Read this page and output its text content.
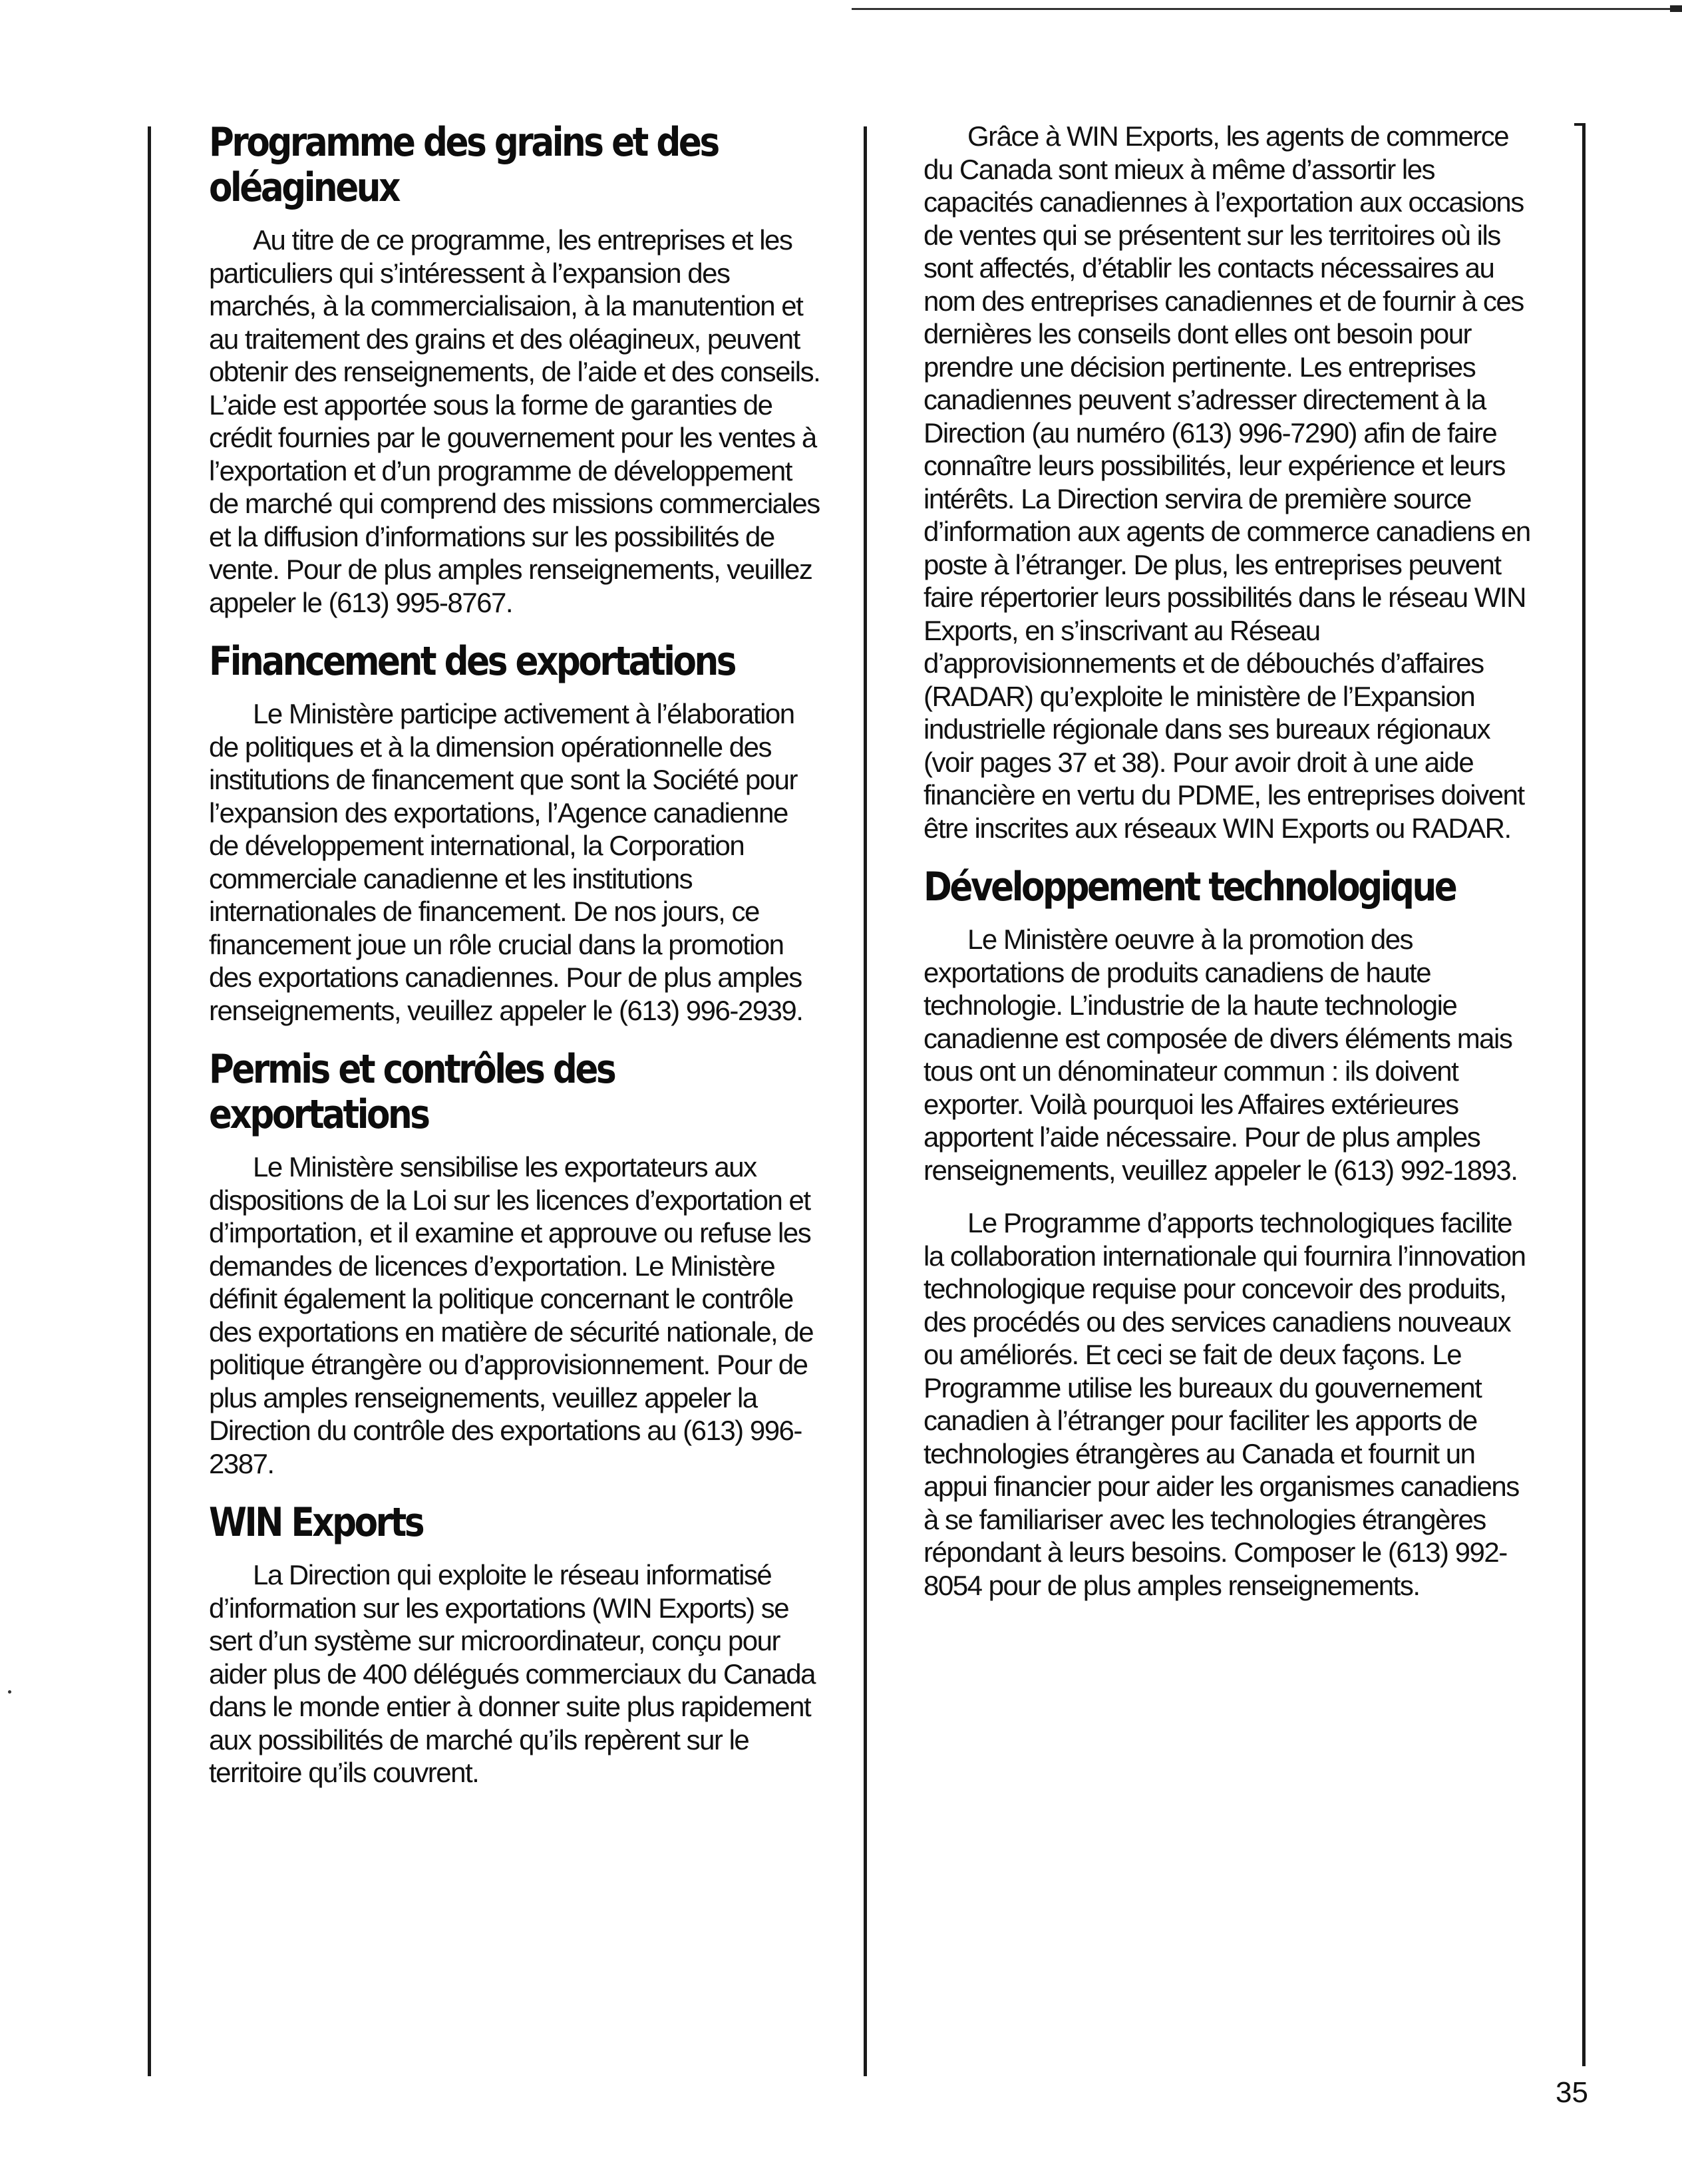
Programme des grains et des oléagineux

Au titre de ce programme, les entreprises et les particuliers qui s’intéressent à l’expansion des marchés, à la commercialisaion, à la manutention et au traitement des grains et des oléagineux, peuvent obtenir des renseignements, de l’aide et des conseils. L’aide est apportée sous la forme de garanties de crédit fournies par le gouvernement pour les ventes à l’exportation et d’un programme de développement de marché qui comprend des missions commerciales et la diffusion d’informations sur les possibilités de vente. Pour de plus amples renseignements, veuillez appeler le (613) 995-8767.

Financement des exportations

Le Ministère participe activement à l’élaboration de politiques et à la dimension opérationnelle des institutions de financement que sont la Société pour l’expansion des exportations, l’Agence canadienne de développement international, la Corporation commerciale canadienne et les institutions internationales de financement. De nos jours, ce financement joue un rôle crucial dans la promotion des exportations canadiennes. Pour de plus amples renseignements, veuillez appeler le (613) 996-2939.

Permis et contrôles des exportations

Le Ministère sensibilise les exportateurs aux dispositions de la Loi sur les licences d’exportation et d’importation, et il examine et approuve ou refuse les demandes de licences d’exportation. Le Ministère définit également la politique concernant le contrôle des exportations en matière de sécurité nationale, de politique étrangère ou d’approvisionnement. Pour de plus amples renseignements, veuillez appeler la Direction du contrôle des exportations au (613) 996-2387.

WIN Exports

La Direction qui exploite le réseau informatisé d’information sur les exportations (WIN Exports) se sert d’un système sur microordinateur, conçu pour aider plus de 400 délégués commerciaux du Canada dans le monde entier à donner suite plus rapidement aux possibilités de marché qu’ils repèrent sur le territoire qu’ils couvrent.

Grâce à WIN Exports, les agents de commerce du Canada sont mieux à même d’assortir les capacités canadiennes à l’exportation aux occasions de ventes qui se présentent sur les territoires où ils sont affectés, d’établir les contacts nécessaires au nom des entreprises canadiennes et de fournir à ces dernières les conseils dont elles ont besoin pour prendre une décision pertinente. Les entreprises canadiennes peuvent s’adresser directement à la Direction (au numéro (613) 996-7290) afin de faire connaître leurs possibilités, leur expérience et leurs intérêts. La Direction servira de première source d’information aux agents de commerce canadiens en poste à l’étranger. De plus, les entreprises peuvent faire répertorier leurs possibilités dans le réseau WIN Exports, en s’inscrivant au Réseau d’approvisionnements et de débouchés d’affaires (RADAR) qu’exploite le ministère de l’Expansion industrielle régionale dans ses bureaux régionaux (voir pages 37 et 38). Pour avoir droit à une aide financière en vertu du PDME, les entreprises doivent être inscrites aux réseaux WIN Exports ou RADAR.

Développement technologique

Le Ministère oeuvre à la promotion des exportations de produits canadiens de haute technologie. L’industrie de la haute technologie canadienne est composée de divers éléments mais tous ont un dénominateur commun : ils doivent exporter. Voilà pourquoi les Affaires extérieures apportent l’aide nécessaire. Pour de plus amples renseignements, veuillez appeler le (613) 992-1893.

Le Programme d’apports technologiques facilite la collaboration internationale qui fournira l’innovation technologique requise pour concevoir des produits, des procédés ou des services canadiens nouveaux ou améliorés. Et ceci se fait de deux façons. Le Programme utilise les bureaux du gouvernement canadien à l’étranger pour faciliter les apports de technologies étrangères au Canada et fournit un appui financier pour aider les organismes canadiens à se familiariser avec les technologies étrangères répondant à leurs besoins. Composer le (613) 992-8054 pour de plus amples renseignements.

35
